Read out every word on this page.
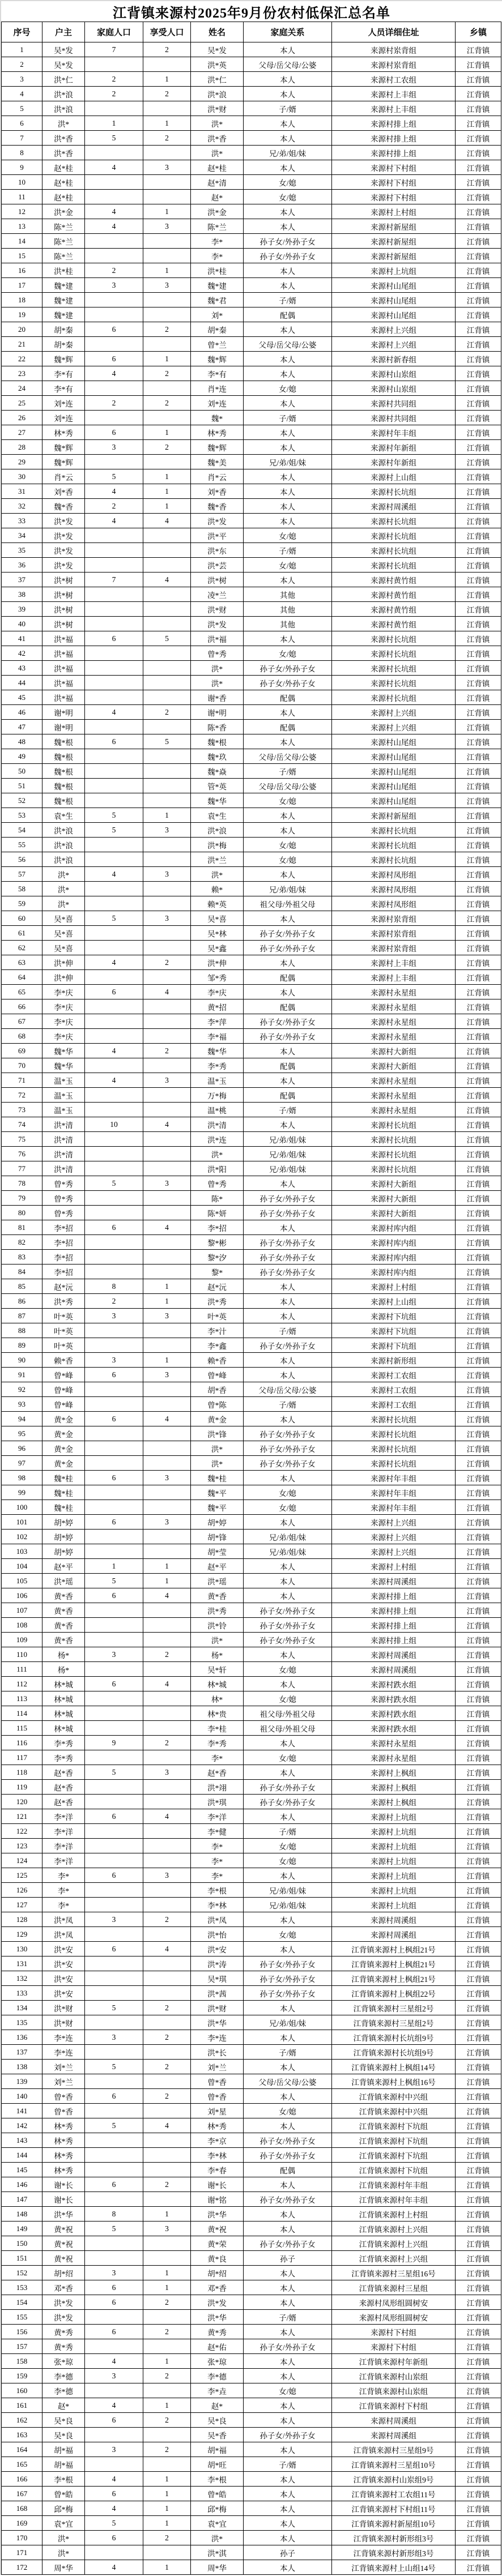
江背镇来源村2025年9月份农村低保汇总名单
序号	户主	家庭人口	享受人口	姓名	家庭关系	人员详细住址	乡镇
1	吴*发	7	2	吴*发	本人	来源村岽背组	江背镇
2	吴*发			洪*英	父母/岳父母/公婆	来源村岽背组	江背镇
3	洪*仁	2	1	洪*仁	本人	来源村工农组	江背镇
4	洪*浪	2	2	洪*浪	本人	来源村上丰组	江背镇
5	洪*浪			洪*财	子/婿	来源村上丰组	江背镇
6	洪*	1	1	洪*	本人	来源村排上组	江背镇
7	洪*香	5	2	洪*香	本人	来源村排上组	江背镇
8	洪*香			洪*	兄/弟/姐/妹	来源村排上组	江背镇
9	赵*桂	4	3	赵*桂	本人	来源村下村组	江背镇
10	赵*桂			赵*清	女/媳	来源村下村组	江背镇
11	赵*桂			赵*	女/媳	来源村下村组	江背镇
12	洪*金	4	1	洪*金	本人	来源村上村组	江背镇
13	陈*兰	4	3	陈*兰	本人	来源村新屋组	江背镇
14	陈*兰			李*	孙子女/外孙子女	来源村新屋组	江背镇
15	陈*兰			李*	孙子女/外孙子女	来源村新屋组	江背镇
16	洪*桂	2	1	洪*桂	本人	来源村上坑组	江背镇
17	魏*建	3	3	魏*建	本人	来源村山尾组	江背镇
18	魏*建			魏*君	子/婿	来源村山尾组	江背镇
19	魏*建			刘*	配偶	来源村山尾组	江背镇
20	胡*秦	6	2	胡*秦	本人	来源村上兴组	江背镇
21	胡*秦			曾*兰	父母/岳父母/公婆	来源村上兴组	江背镇
22	魏*辉	6	1	魏*辉	本人	来源村新春组	江背镇
23	李*有	4	2	李*有	本人	来源村山岽组	江背镇
24	李*有			肖*连	女/媳	来源村山岽组	江背镇
25	刘*连	2	2	刘*连	本人	来源村共同组	江背镇
26	刘*连			魏*	子/婿	来源村共同组	江背镇
27	林*秀	6	1	林*秀	本人	来源村年丰组	江背镇
28	魏*辉	3	2	魏*辉	本人	来源村年新组	江背镇
29	魏*辉			魏*美	兄/弟/姐/妹	来源村年新组	江背镇
30	肖*云	5	1	肖*云	本人	来源村上山组	江背镇
31	刘*香	4	1	刘*香	本人	来源村长坑组	江背镇
32	魏*香	2	1	魏*香	本人	来源村周溪组	江背镇
33	洪*发	4	4	洪*发	本人	来源村长坑组	江背镇
34	洪*发			洪*平	女/媳	来源村长坑组	江背镇
35	洪*发			洪*东	子/婿	来源村长坑组	江背镇
36	洪*发			洪*芸	女/媳	来源村长坑组	江背镇
37	洪*树	7	4	洪*树	本人	来源村黄竹组	江背镇
38	洪*树			凌*兰	其他	来源村黄竹组	江背镇
39	洪*树			洪*财	其他	来源村黄竹组	江背镇
40	洪*树			洪*发	其他	来源村黄竹组	江背镇
41	洪*福	6	5	洪*福	本人	来源村长坑组	江背镇
42	洪*福			曾*秀	女/媳	来源村长坑组	江背镇
43	洪*福			洪*	孙子女/外孙子女	来源村长坑组	江背镇
44	洪*福			洪*	孙子女/外孙子女	来源村长坑组	江背镇
45	洪*福			谢*香	配偶	来源村长坑组	江背镇
46	谢*明	4	2	谢*明	本人	来源村上兴组	江背镇
47	谢*明			陈*香	配偶	来源村上兴组	江背镇
48	魏*根	6	5	魏*根	本人	来源村山尾组	江背镇
49	魏*根			魏*玖	父母/岳父母/公婆	来源村山尾组	江背镇
50	魏*根			魏*焱	子/婿	来源村山尾组	江背镇
51	魏*根			管*英	父母/岳父母/公婆	来源村山尾组	江背镇
52	魏*根			魏*华	女/媳	来源村山尾组	江背镇
53	袁*生	5	1	袁*生	本人	来源村新屋组	江背镇
54	洪*浪	5	3	洪*浪	本人	来源村长坑组	江背镇
55	洪*浪			洪*梅	女/媳	来源村长坑组	江背镇
56	洪*浪			洪*兰	女/媳	来源村长坑组	江背镇
57	洪*	4	3	洪*	本人	来源村凤形组	江背镇
58	洪*			赖*	兄/弟/姐/妹	来源村凤形组	江背镇
59	洪*			赖*英	祖父母/外祖父母	来源村凤形组	江背镇
60	吴*喜	5	3	吴*喜	本人	来源村岽背组	江背镇
61	吴*喜			吴*林	孙子女/外孙子女	来源村岽背组	江背镇
62	吴*喜			吴*鑫	孙子女/外孙子女	来源村岽背组	江背镇
63	洪*伸	4	2	洪*伸	本人	来源村上丰组	江背镇
64	洪*伸			邹*秀	配偶	来源村上丰组	江背镇
65	李*庆	6	4	李*庆	本人	来源村永星组	江背镇
66	李*庆			黄*招	配偶	来源村永星组	江背镇
67	李*庆			李*萍	孙子女/外孙子女	来源村永星组	江背镇
68	李*庆			李*福	孙子女/外孙子女	来源村永星组	江背镇
69	魏*华	4	2	魏*华	本人	来源村大新组	江背镇
70	魏*华			李*秀	配偶	来源村大新组	江背镇
71	温*玉	4	3	温*玉	本人	来源村永星组	江背镇
72	温*玉			万*梅	配偶	来源村永星组	江背镇
73	温*玉			温*桃	子/婿	来源村永星组	江背镇
74	洪*清	10	4	洪*清	本人	来源村长坑组	江背镇
75	洪*清			洪*连	兄/弟/姐/妹	来源村长坑组	江背镇
76	洪*清			洪*	兄/弟/姐/妹	来源村长坑组	江背镇
77	洪*清			洪*阳	兄/弟/姐/妹	来源村长坑组	江背镇
78	曾*秀	5	3	曾*秀	本人	来源村大新组	江背镇
79	曾*秀			陈*	孙子女/外孙子女	来源村大新组	江背镇
80	曾*秀			陈*妍	孙子女/外孙子女	来源村大新组	江背镇
81	李*招	6	4	李*招	本人	来源村库内组	江背镇
82	李*招			黎*彬	孙子女/外孙子女	来源村库内组	江背镇
83	李*招			黎*汐	孙子女/外孙子女	来源村库内组	江背镇
84	李*招			黎*	孙子女/外孙子女	来源村库内组	江背镇
85	赵*沅	8	1	赵*沅	本人	来源村上村组	江背镇
86	洪*秀	2	1	洪*秀	本人	来源村上山组	江背镇
87	叶*英	3	3	叶*英	本人	来源村下坑组	江背镇
88	叶*英			李*汁	子/婿	来源村下坑组	江背镇
89	叶*英			李*鑫	孙子女/外孙子女	来源村下坑组	江背镇
90	赖*香	3	1	赖*香	本人	来源村新形组	江背镇
91	曾*峰	6	3	曾*峰	本人	来源村工农组	江背镇
92	曾*峰			胡*香	父母/岳父母/公婆	来源村工农组	江背镇
93	曾*峰			曾*陈	子/婿	来源村工农组	江背镇
94	黄*金	6	4	黄*金	本人	来源村长坑组	江背镇
95	黄*金			洪*锋	孙子女/外孙子女	来源村长坑组	江背镇
96	黄*金			洪*	孙子女/外孙子女	来源村长坑组	江背镇
97	黄*金			洪*	孙子女/外孙子女	来源村长坑组	江背镇
98	魏*桂	6	3	魏*桂	本人	来源村年丰组	江背镇
99	魏*桂			魏*平	女/媳	来源村年丰组	江背镇
100	魏*桂			魏*平	女/媳	来源村年丰组	江背镇
101	胡*婷	6	3	胡*婷	本人	来源村上兴组	江背镇
102	胡*婷			胡*锋	兄/弟/姐/妹	来源村上兴组	江背镇
103	胡*婷			胡*莹	兄/弟/姐/妹	来源村上兴组	江背镇
104	赵*平	1	1	赵*平	本人	来源村上村组	江背镇
105	洪*瑶	5	1	洪*瑶	本人	来源村周溪组	江背镇
106	黄*香	6	4	黄*香	本人	来源村排上组	江背镇
107	黄*香			洪*秀	孙子女/外孙子女	来源村排上组	江背镇
108	黄*香			洪*铃	孙子女/外孙子女	来源村排上组	江背镇
109	黄*香			洪*	孙子女/外孙子女	来源村排上组	江背镇
110	杨*	3	2	杨*	本人	来源村周溪组	江背镇
111	杨*			吴*轩	女/媳	来源村周溪组	江背镇
112	林*城	6	4	林*城	本人	来源村跌水组	江背镇
113	林*城			林*	女/媳	来源村跌水组	江背镇
114	林*城			林*贵	祖父母/外祖父母	来源村跌水组	江背镇
115	林*城			李*桂	祖父母/外祖父母	来源村跌水组	江背镇
116	李*秀	9	2	李*秀	本人	来源村永星组	江背镇
117	李*秀			李*	女/媳	来源村永星组	江背镇
118	赵*香	5	3	赵*香	本人	来源村上枫组	江背镇
119	赵*香			洪*翊	孙子女/外孙子女	来源村上枫组	江背镇
120	赵*香			洪*琪	孙子女/外孙子女	来源村上枫组	江背镇
121	李*洋	6	4	李*洋	本人	来源村上坑组	江背镇
122	李*洋			李*健	子/婿	来源村上坑组	江背镇
123	李*洋			李*	女/媳	来源村上坑组	江背镇
124	李*洋			李*	女/媳	来源村上坑组	江背镇
125	李*	6	3	李*	本人	来源村上坑组	江背镇
126	李*			李*根	兄/弟/姐/妹	来源村上坑组	江背镇
127	李*			李*林	兄/弟/姐/妹	来源村上坑组	江背镇
128	洪*凤	3	2	洪*凤	本人	来源村周溪组	江背镇
129	洪*凤			洪*怡	女/媳	来源村周溪组	江背镇
130	洪*安	6	4	洪*安	本人	江背镇来源村上枫组21号	江背镇
131	洪*安			洪*涛	孙子女/外孙子女	江背镇来源村上枫组21号	江背镇
132	洪*安			吴*琪	孙子女/外孙子女	江背镇来源村上枫组21号	江背镇
133	洪*安			洪*茜	孙子女/外孙子女	江背镇来源村上枫组22号	江背镇
134	洪*财	5	2	洪*财	本人	江背镇来源村三星组2号	江背镇
135	洪*财			洪*华	兄/弟/姐/妹	江背镇来源村三星组2号	江背镇
136	李*连	3	2	李*连	本人	江背镇来源村长坑组9号	江背镇
137	李*连			洪*长	子/婿	江背镇来源村长坑组9号	江背镇
138	刘*兰	5	2	刘*兰	本人	江背镇来源村上枫组14号	江背镇
139	刘*兰			曾*香	父母/岳父母/公婆	江背镇来源村上枫组16号	江背镇
140	曾*香	6	2	曾*香	本人	江背镇来源村中兴组	江背镇
141	曾*香			刘*星	女/媳	江背镇来源村中兴组	江背镇
142	林*秀	5	4	林*秀	本人	江背镇来源村下坑组	江背镇
143	林*秀			李*京	孙子女/外孙子女	江背镇来源村下坑组	江背镇
144	林*秀			李*林	孙子女/外孙子女	江背镇来源村下坑组	江背镇
145	林*秀			李*春	配偶	江背镇来源村下坑组	江背镇
146	谢*长	6	2	谢*长	本人	江背镇来源村年丰组	江背镇
147	谢*长			谢*铭	孙子女/外孙子女	江背镇来源村年丰组	江背镇
148	洪*华	8	1	洪*华	本人	江背镇来源村上村组	江背镇
149	黄*祝	5	3	黄*祝	本人	江背镇来源村上兴组	江背镇
150	黄*祝			黄*荣	孙子女/外孙子女	江背镇来源村上兴组	江背镇
151	黄*祝			黄*良	孙子	江背镇来源村上兴组	江背镇
152	胡*绍	3	1	胡*绍	本人	江背镇来源村三星组16号	江背镇
153	邓*香	6	1	邓*香	本人	江背镇来源村三星组	江背镇
154	洪*发	6	2	洪*发	本人	来源村凤形组圆树安	江背镇
155	洪*发			洪*华	子/婿	来源村凤形组圆树安	江背镇
156	黄*秀	6	2	黄*秀	本人	来源村下村组	江背镇
157	黄*秀			赵*佑	孙子女/外孙子女	来源村下村组	江背镇
158	张*琼	4	1	张*琼	本人	江背镇来源村年新组	江背镇
159	李*德	3	2	李*德	本人	江背镇来源村山岽组	江背镇
160	李*德			李*垚	女/媳	江背镇来源村山岽组	江背镇
161	赵*	4	1	赵*	本人	江背镇来源村下村组	江背镇
162	吴*良	6	2	吴*良	本人	来源村周溪组	江背镇
163	吴*良			吴*香	孙子女/外孙子女	来源村周溪组	江背镇
164	胡*福	3	2	胡*福	本人	江背镇来源村三星组9号	江背镇
165	胡*福			胡*旺	子/婿	江背镇来源村三星组10号	江背镇
166	李*根	4	1	李*根	本人	江背镇来源村山岽组9号	江背镇
167	曾*皓	6	1	曾*皓	本人	江背镇来源村工农组11号	江背镇
168	邱*梅	4	1	邱*梅	本人	江背镇来源村下村组11号	江背镇
169	袁*宜	5	1	袁*宜	本人	江背镇来源村新屋组10号	江背镇
170	洪*	6	2	洪*	本人	江背镇来源村新形组3号	江背镇
171	洪*			洪*淇	孙子	江背镇来源村新形组3号	江背镇
172	周*华	4	1	周*华	本人	江背镇来源村上山组14号	江背镇
